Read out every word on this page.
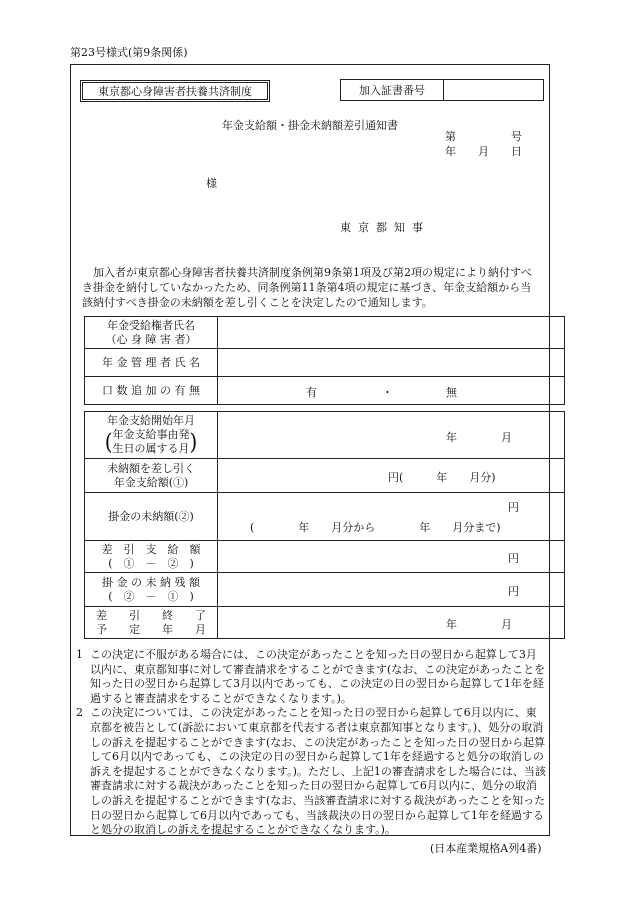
第23号様式(第9条関係)
東京都心身障害者扶養共済制度	加入証書番号
年金支給額・掛金未納額差引通知書
第　　　　　号
年　　月　　日
様
東京都知事
加入者が東京都心身障害者扶養共済制度条例第9条第1項及び第2項の規定により納付すべき掛金を納付していなかったため、同条例第11条第4項の規定に基づき、年金支給額から当該納付すべき掛金の未納額を差し引くことを決定したので通知します。
年金受給権者氏名
（心 身 障 害 者）	

年 金 管 理 者 氏 名	
口 数 追 加 の 有 無	有 ・ 無
年金支給開始年月
( 年金支給事由発
生日の属する月 )	年　　　　月

未納額を差し引く
年金支給額(①)	円(　　　年　　月分)

掛金の未納額(②)	円
(　　　　年　　月分から　　　　年　　月分まで)

差　引　支　給　額
(　①　－　②　)	円

掛 金 の 未 納 残 額
(　②　－　①　)	円

差　　引　　終　　了
予　　定　　年　　月	年　　　　月
1 この決定に不服がある場合には、この決定があったことを知った日の翌日から起算して3月以内に、東京都知事に対して審査請求をすることができます(なお、この決定があったことを知った日の翌日から起算して3月以内であっても、この決定の日の翌日から起算して1年を経過すると審査請求をすることができなくなります。)。
2 この決定については、この決定があったことを知った日の翌日から起算して6月以内に、東京都を被告として(訴訟において東京都を代表する者は東京都知事となります。)、処分の取消しの訴えを提起することができます(なお、この決定があったことを知った日の翌日から起算して6月以内であっても、この決定の日の翌日から起算して1年を経過すると処分の取消しの訴えを提起することができなくなります。)。ただし、上記1の審査請求をした場合には、当該審査請求に対する裁決があったことを知った日の翌日から起算して6月以内に、処分の取消しの訴えを提起することができます(なお、当該審査請求に対する裁決があったことを知った日の翌日から起算して6月以内であっても、当該裁決の日の翌日から起算して1年を経過すると処分の取消しの訴えを提起することができなくなります。)。
(日本産業規格A列4番)
